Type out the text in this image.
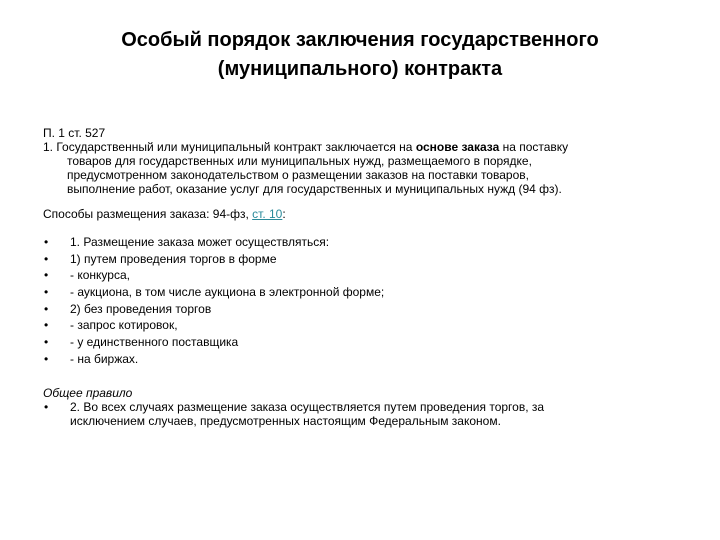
Особый порядок заключения государственного
(муниципального) контракта

П. 1 ст. 527

1. Государственный или муниципальный контракт заключается на основе заказа на поставку

товаров для государственных или муниципальных нужд, размещаемого в порядке,

предусмотренном законодательством о размещении заказов на поставки товаров,

выполнение работ, оказание услуг для государственных и муниципальных нужд (94 фз).

Способы размещения заказа: 94-фз, ст. 10:

• 1. Размещение заказа может осуществляться:
• 1) путем проведения торгов в форме
• - конкурса,
• - аукциона, в том числе аукциона в электронной форме;
• 2) без проведения торгов
• - запрос котировок,
• - у единственного поставщика
• - на биржах.

Общее правило

• 2. Во всех случаях размещение заказа осуществляется путем проведения торгов, за

исключением случаев, предусмотренных настоящим Федеральным законом.
